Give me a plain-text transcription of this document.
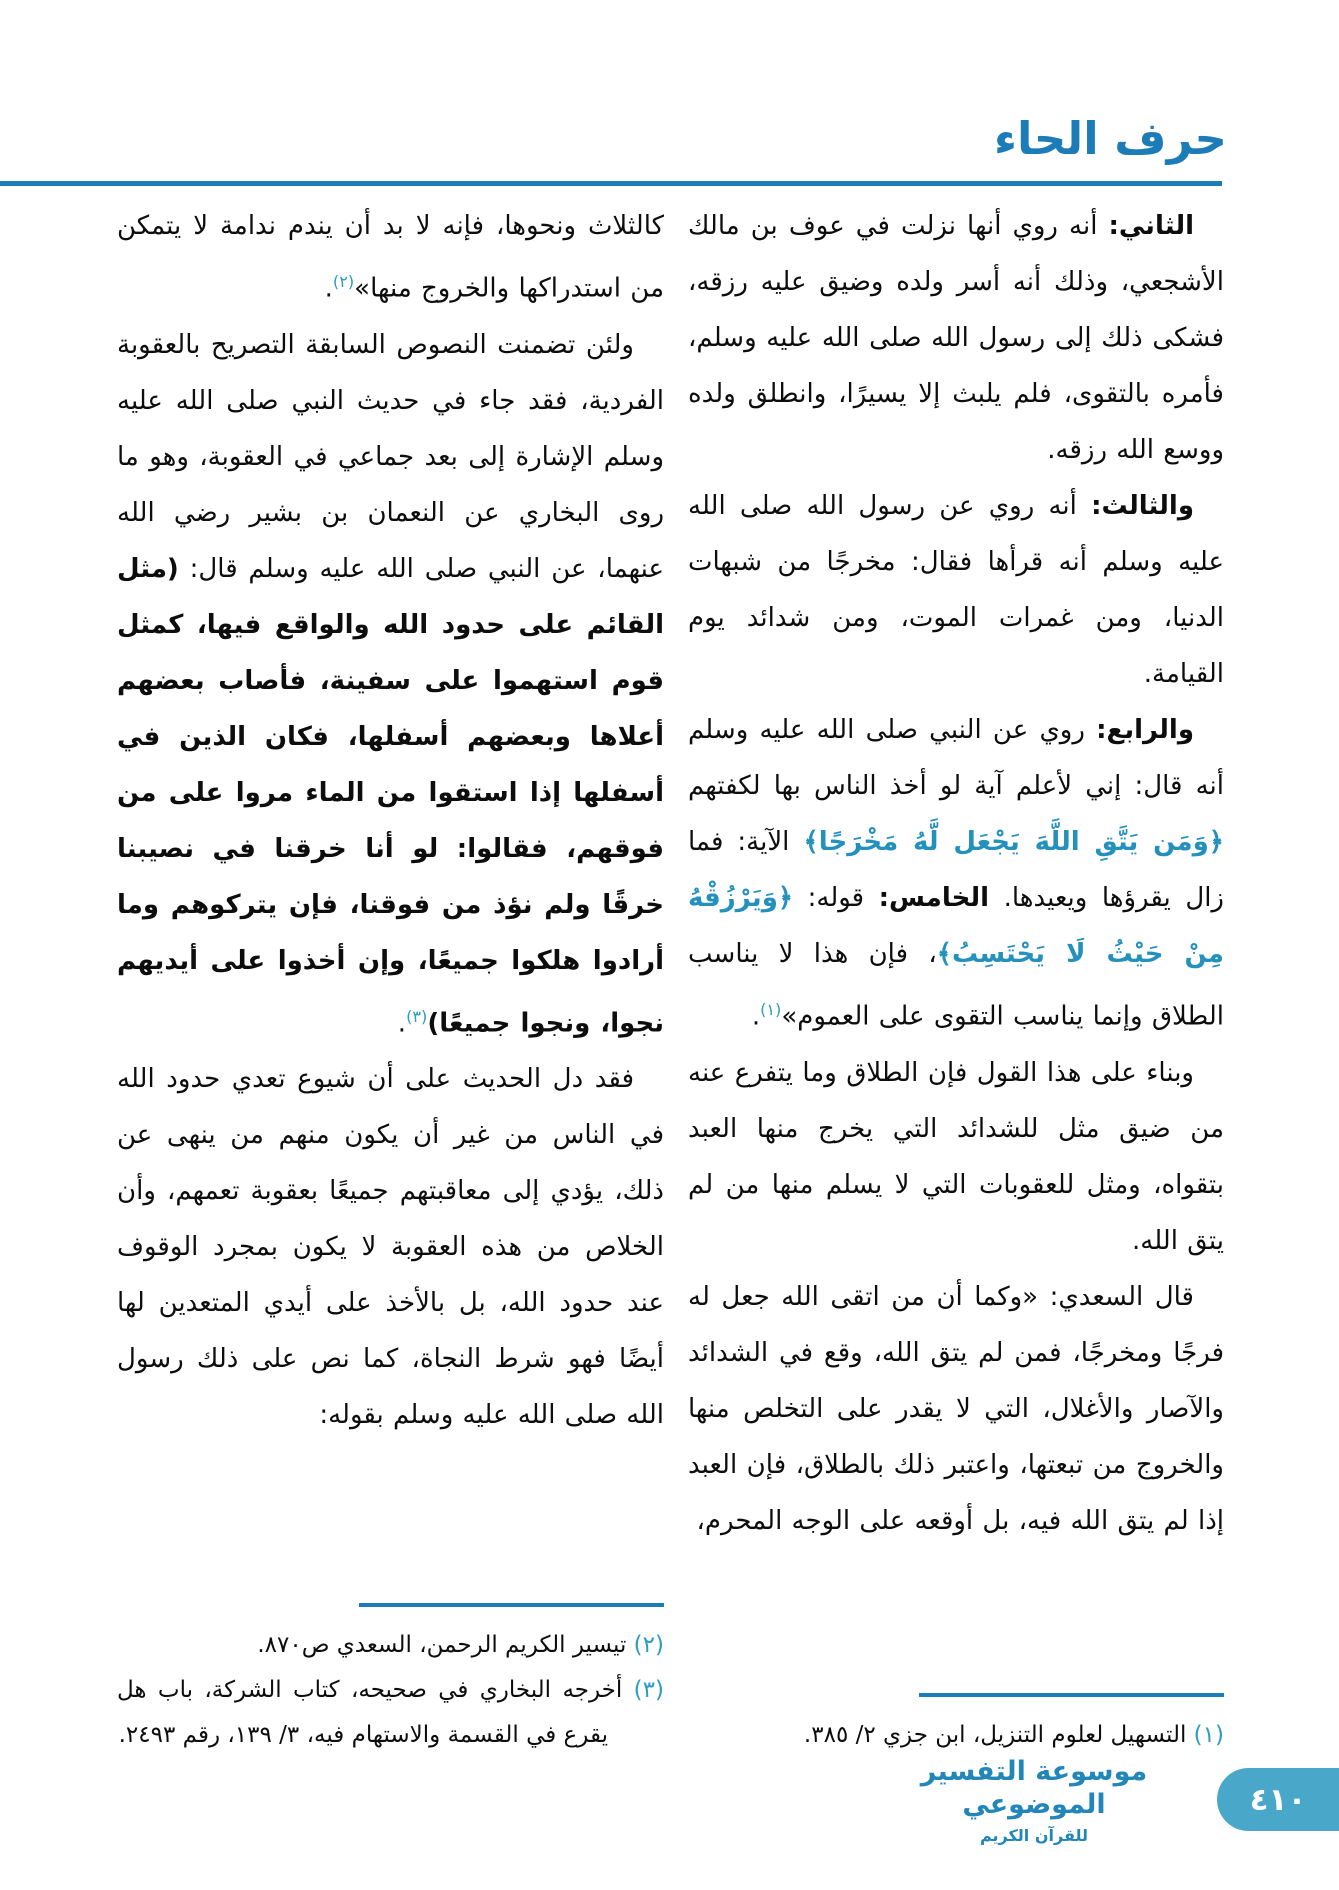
حرف الحاء

الثاني: أنه روي أنها نزلت في عوف بن مالك الأشجعي، وذلك أنه أسر ولده وضيق عليه رزقه، فشكى ذلك إلى رسول الله صلى الله عليه وسلم، فأمره بالتقوى، فلم يلبث إلا يسيرًا، وانطلق ولده ووسع الله رزقه.

والثالث: أنه روي عن رسول الله صلى الله عليه وسلم أنه قرأها فقال: مخرجًا من شبهات الدنيا، ومن غمرات الموت، ومن شدائد يوم القيامة.

والرابع: روي عن النبي صلى الله عليه وسلم أنه قال: إني لأعلم آية لو أخذ الناس بها لكفتهم ﴿وَمَن يَتَّقِ اللَّهَ يَجْعَل لَّهُ مَخْرَجًا﴾ الآية: فما زال يقرؤها ويعيدها. الخامس: قوله: ﴿وَيَرْزُقْهُ مِنْ حَيْثُ لَا يَحْتَسِبُ﴾، فإن هذا لا يناسب الطلاق وإنما يناسب التقوى على العموم»$^{(١)}$.

وبناء على هذا القول فإن الطلاق وما يتفرع عنه من ضيق مثل للشدائد التي يخرج منها العبد بتقواه، ومثل للعقوبات التي لا يسلم منها من لم يتق الله.

قال السعدي: «وكما أن من اتقى الله جعل له فرجًا ومخرجًا، فمن لم يتق الله، وقع في الشدائد والآصار والأغلال، التي لا يقدر على التخلص منها والخروج من تبعتها، واعتبر ذلك بالطلاق، فإن العبد إذا لم يتق الله فيه، بل أوقعه على الوجه المحرم،

(١) التسهيل لعلوم التنزيل، ابن جزي ٢/ ٣٨٥.

كالثلاث ونحوها، فإنه لا بد أن يندم ندامة لا يتمكن من استدراكها والخروج منها»$^{(٢)}$.

ولئن تضمنت النصوص السابقة التصريح بالعقوبة الفردية، فقد جاء في حديث النبي صلى الله عليه وسلم الإشارة إلى بعد جماعي في العقوبة، وهو ما روى البخاري عن النعمان بن بشير رضي الله عنهما، عن النبي صلى الله عليه وسلم قال: (مثل القائم على حدود الله والواقع فيها، كمثل قوم استهموا على سفينة، فأصاب بعضهم أعلاها وبعضهم أسفلها، فكان الذين في أسفلها إذا استقوا من الماء مروا على من فوقهم، فقالوا: لو أنا خرقنا في نصيبنا خرقًا ولم نؤذ من فوقنا، فإن يتركوهم وما أرادوا هلكوا جميعًا، وإن أخذوا على أيديهم نجوا، ونجوا جميعًا)$^{(٣)}$.

فقد دل الحديث على أن شيوع تعدي حدود الله في الناس من غير أن يكون منهم من ينهى عن ذلك، يؤدي إلى معاقبتهم جميعًا بعقوبة تعمهم، وأن الخلاص من هذه العقوبة لا يكون بمجرد الوقوف عند حدود الله، بل بالأخذ على أيدي المتعدين لها أيضًا فهو شرط النجاة، كما نص على ذلك رسول الله صلى الله عليه وسلم بقوله:

(٢) تيسير الكريم الرحمن، السعدي ص٨٧٠.
(٣) أخرجه البخاري في صحيحه، كتاب الشركة، باب هل يقرع في القسمة والاستهام فيه، ٣/ ١٣٩، رقم ٢٤٩٣.
موسوعة التفسير الموضوعي
للقرآن الكريم
٤١٠
